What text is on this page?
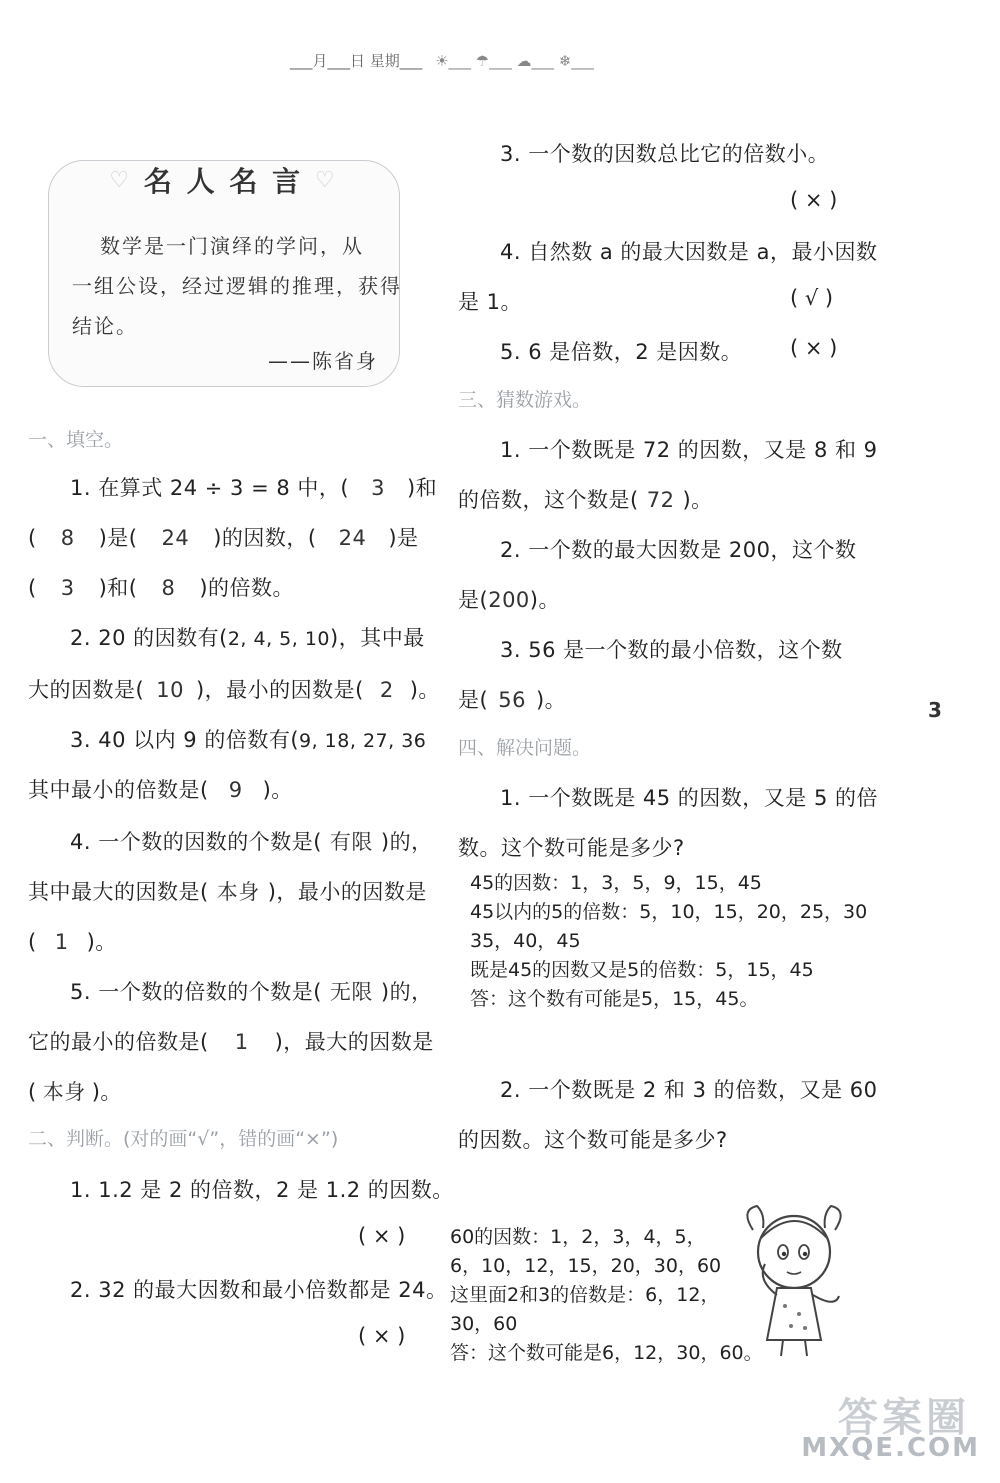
___月___日 星期___ ☀___ ☂___ ☁___ ❄___
♡ 名 人 名 言 ♡
数学是一门演绎的学问，从
一组公设，经过逻辑的推理，获得
结论。
——陈省身
一、填空。
1. 在算式 24 ÷ 3 = 8 中，( 3 )和
( 8 )是( 24 )的因数，( 24 )是
( 3 )和( 8 )的倍数。
2. 20 的因数有(2, 4, 5, 10)，其中最
大的因数是( 10 )，最小的因数是( 2 )。
3. 40 以内 9 的倍数有(9, 18, 27, 36
其中最小的倍数是( 9 )。
4. 一个数的因数的个数是( 有限 )的，
其中最大的因数是( 本身 )，最小的因数是
( 1 )。
5. 一个数的倍数的个数是( 无限 )的，
它的最小的倍数是( 1 )，最大的因数是
( 本身 )。
二、判断。(对的画“√”，错的画“×”)
1. 1.2 是 2 的倍数，2 是 1.2 的因数。
( × )
2. 32 的最大因数和最小倍数都是 24。
( × )
3. 一个数的因数总比它的倍数小。
( × )
4. 自然数 a 的最大因数是 a，最小因数
是 1。	( √ )
5. 6 是倍数，2 是因数。 ( × )
三、猜数游戏。
1. 一个数既是 72 的因数，又是 8 和 9
的倍数，这个数是( 72 )。
2. 一个数的最大因数是 200，这个数
是(200)。
3. 56 是一个数的最小倍数，这个数
是( 56 )。
四、解决问题。
1. 一个数既是 45 的因数，又是 5 的倍
数。这个数可能是多少?
45的因数：1，3，5，9，15，45
45以内的5的倍数：5，10，15，20，25，30
35，40，45
既是45的因数又是5的倍数：5，15，45
答：这个数有可能是5，15，45。
2. 一个数既是 2 和 3 的倍数，又是 60
的因数。这个数可能是多少?
60的因数：1，2，3，4，5，
6，10，12，15，20，30，60
这里面2和3的倍数是：6，12，
30，60
答：这个数可能是6，12，30，60。
3
答案圈
MXQE.COM
